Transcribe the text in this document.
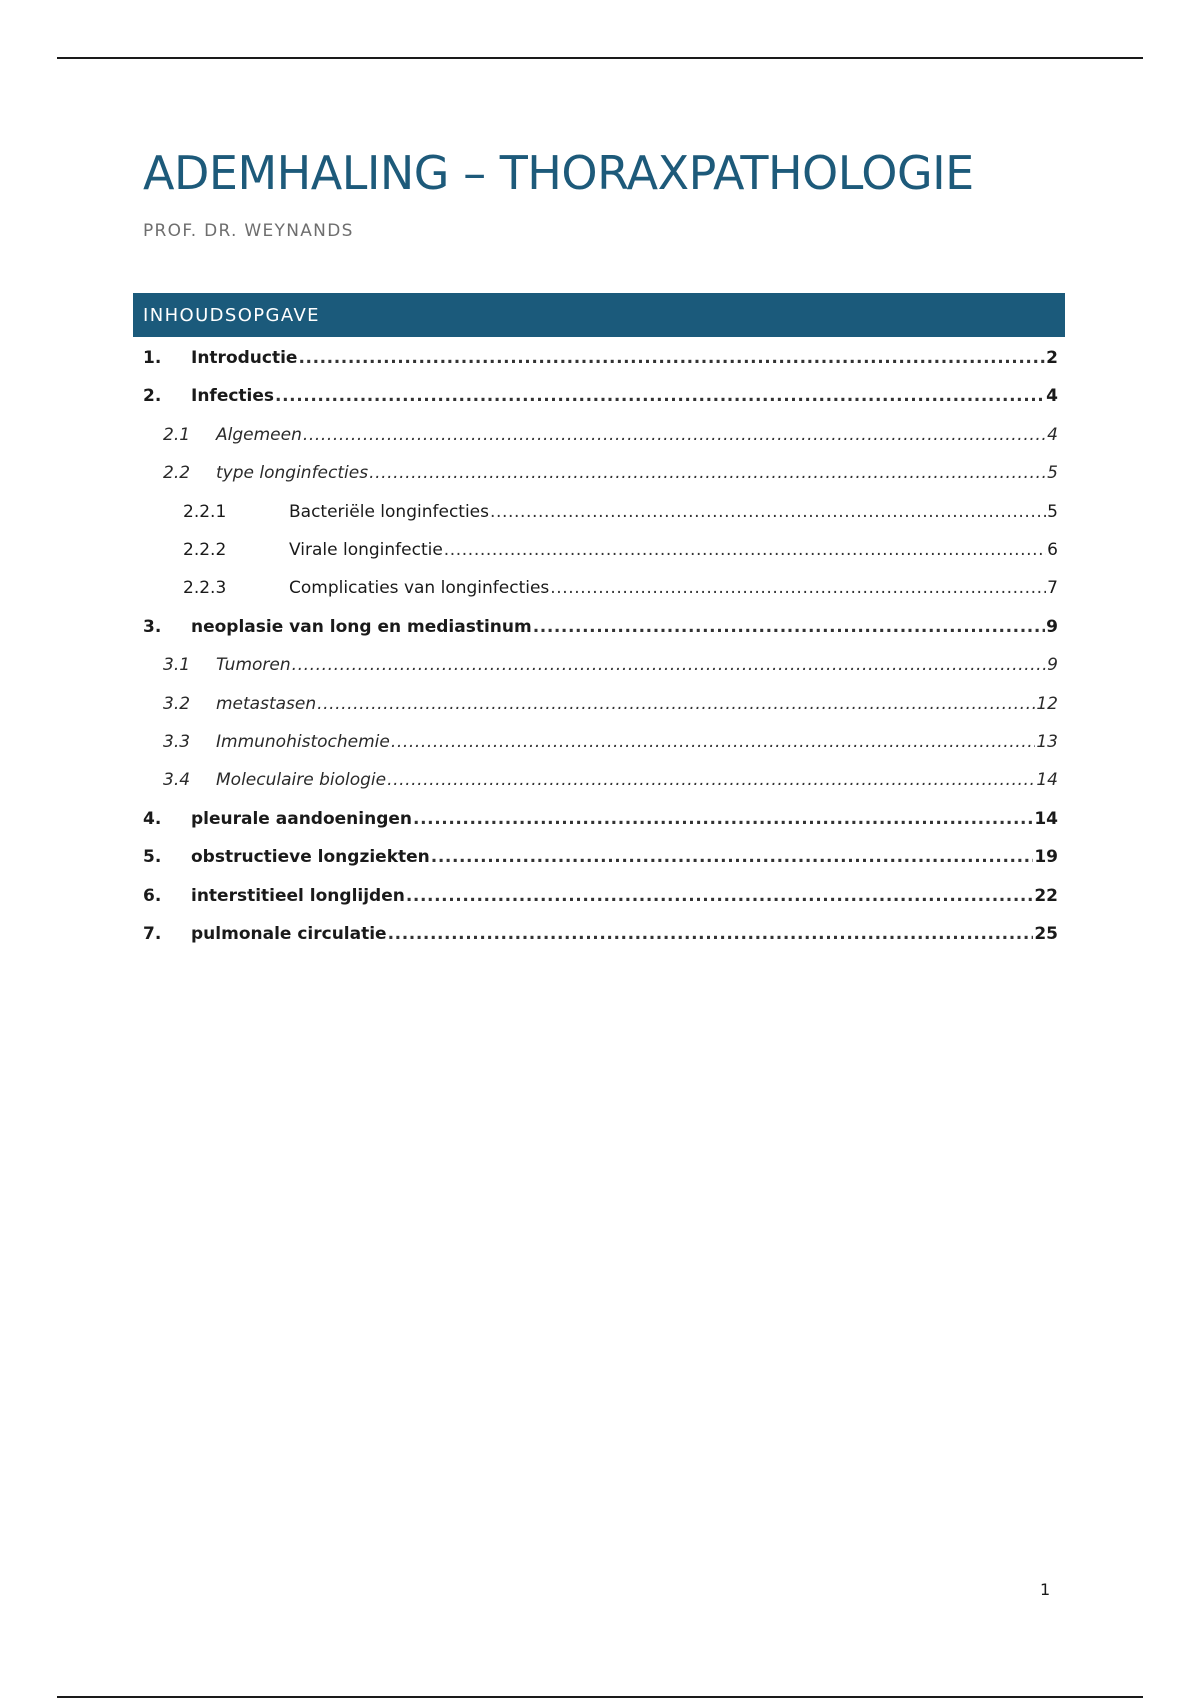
ADEMHALING – THORAXPATHOLOGIE
PROF. DR. WEYNANDS
INHOUDSOPGAVE
1.	Introductie .....	2
2.	Infecties .....	4
2.1	Algemeen .....	4
2.2	type longinfecties .....	5
2.2.1	Bacteriële longinfecties .....	5
2.2.2	Virale longinfectie .....	6
2.2.3	Complicaties van longinfecties .....	7
3.	neoplasie van long en mediastinum .....	9
3.1	Tumoren .....	9
3.2	metastasen .....	12
3.3	Immunohistochemie .....	13
3.4	Moleculaire biologie .....	14
4.	pleurale aandoeningen .....	14
5.	obstructieve longziekten .....	19
6.	interstitieel longlijden .....	22
7.	pulmonale circulatie .....	25
1
